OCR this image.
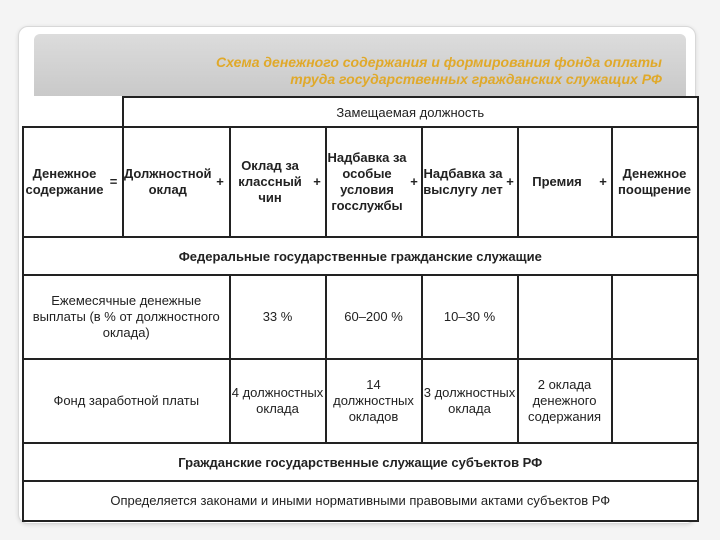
Схема денежного содержания и формирования фонда оплаты
труда государственных гражданских служащих РФ
		Замещаемая должность										
Денежное содержание	=	Должностной оклад	+	Оклад за классный чин	+	Надбавка за особые условия госслужбы	+	Надбавка за выслугу лет	+	Премия	+	Денежное поощрение
Федеральные государственные гражданские служащие												
Ежемесячные денежные выплаты (в % от должностного оклада)				33 %		60–200 %		10–30 %				
Фонд заработной платы				4 должностных оклада		14 должностных окладов		3 должностных оклада		2 оклада денежного содержания		
Гражданские государственные служащие субъектов РФ												
Определяется законами и иными нормативными правовыми актами субъектов РФ												
